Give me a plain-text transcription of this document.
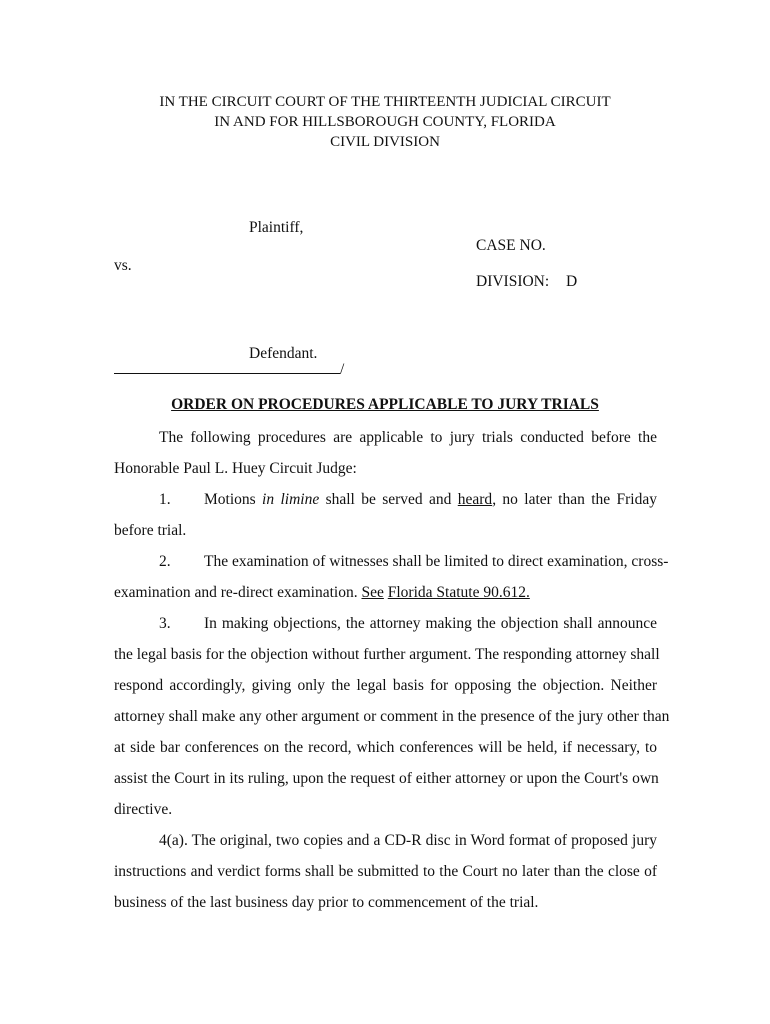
IN THE CIRCUIT COURT OF THE THIRTEENTH JUDICIAL CIRCUIT
IN AND FOR HILLSBOROUGH COUNTY, FLORIDA
CIVIL DIVISION
Plaintiff,
CASE NO.
vs.
DIVISION: D
Defendant.
/
ORDER ON PROCEDURES APPLICABLE TO JURY TRIALS
The following procedures are applicable to jury trials conducted before the
Honorable Paul L. Huey Circuit Judge:
1. Motions in limine shall be served and heard, no later than the Friday
before trial.
2. The examination of witnesses shall be limited to direct examination, cross-
examination and re-direct examination. See Florida Statute 90.612.
3. In making objections, the attorney making the objection shall announce
the legal basis for the objection without further argument. The responding attorney shall
respond accordingly, giving only the legal basis for opposing the objection. Neither
attorney shall make any other argument or comment in the presence of the jury other than
at side bar conferences on the record, which conferences will be held, if necessary, to
assist the Court in its ruling, upon the request of either attorney or upon the Court's own
directive.
4(a). The original, two copies and a CD-R disc in Word format of proposed jury
instructions and verdict forms shall be submitted to the Court no later than the close of
business of the last business day prior to commencement of the trial.
